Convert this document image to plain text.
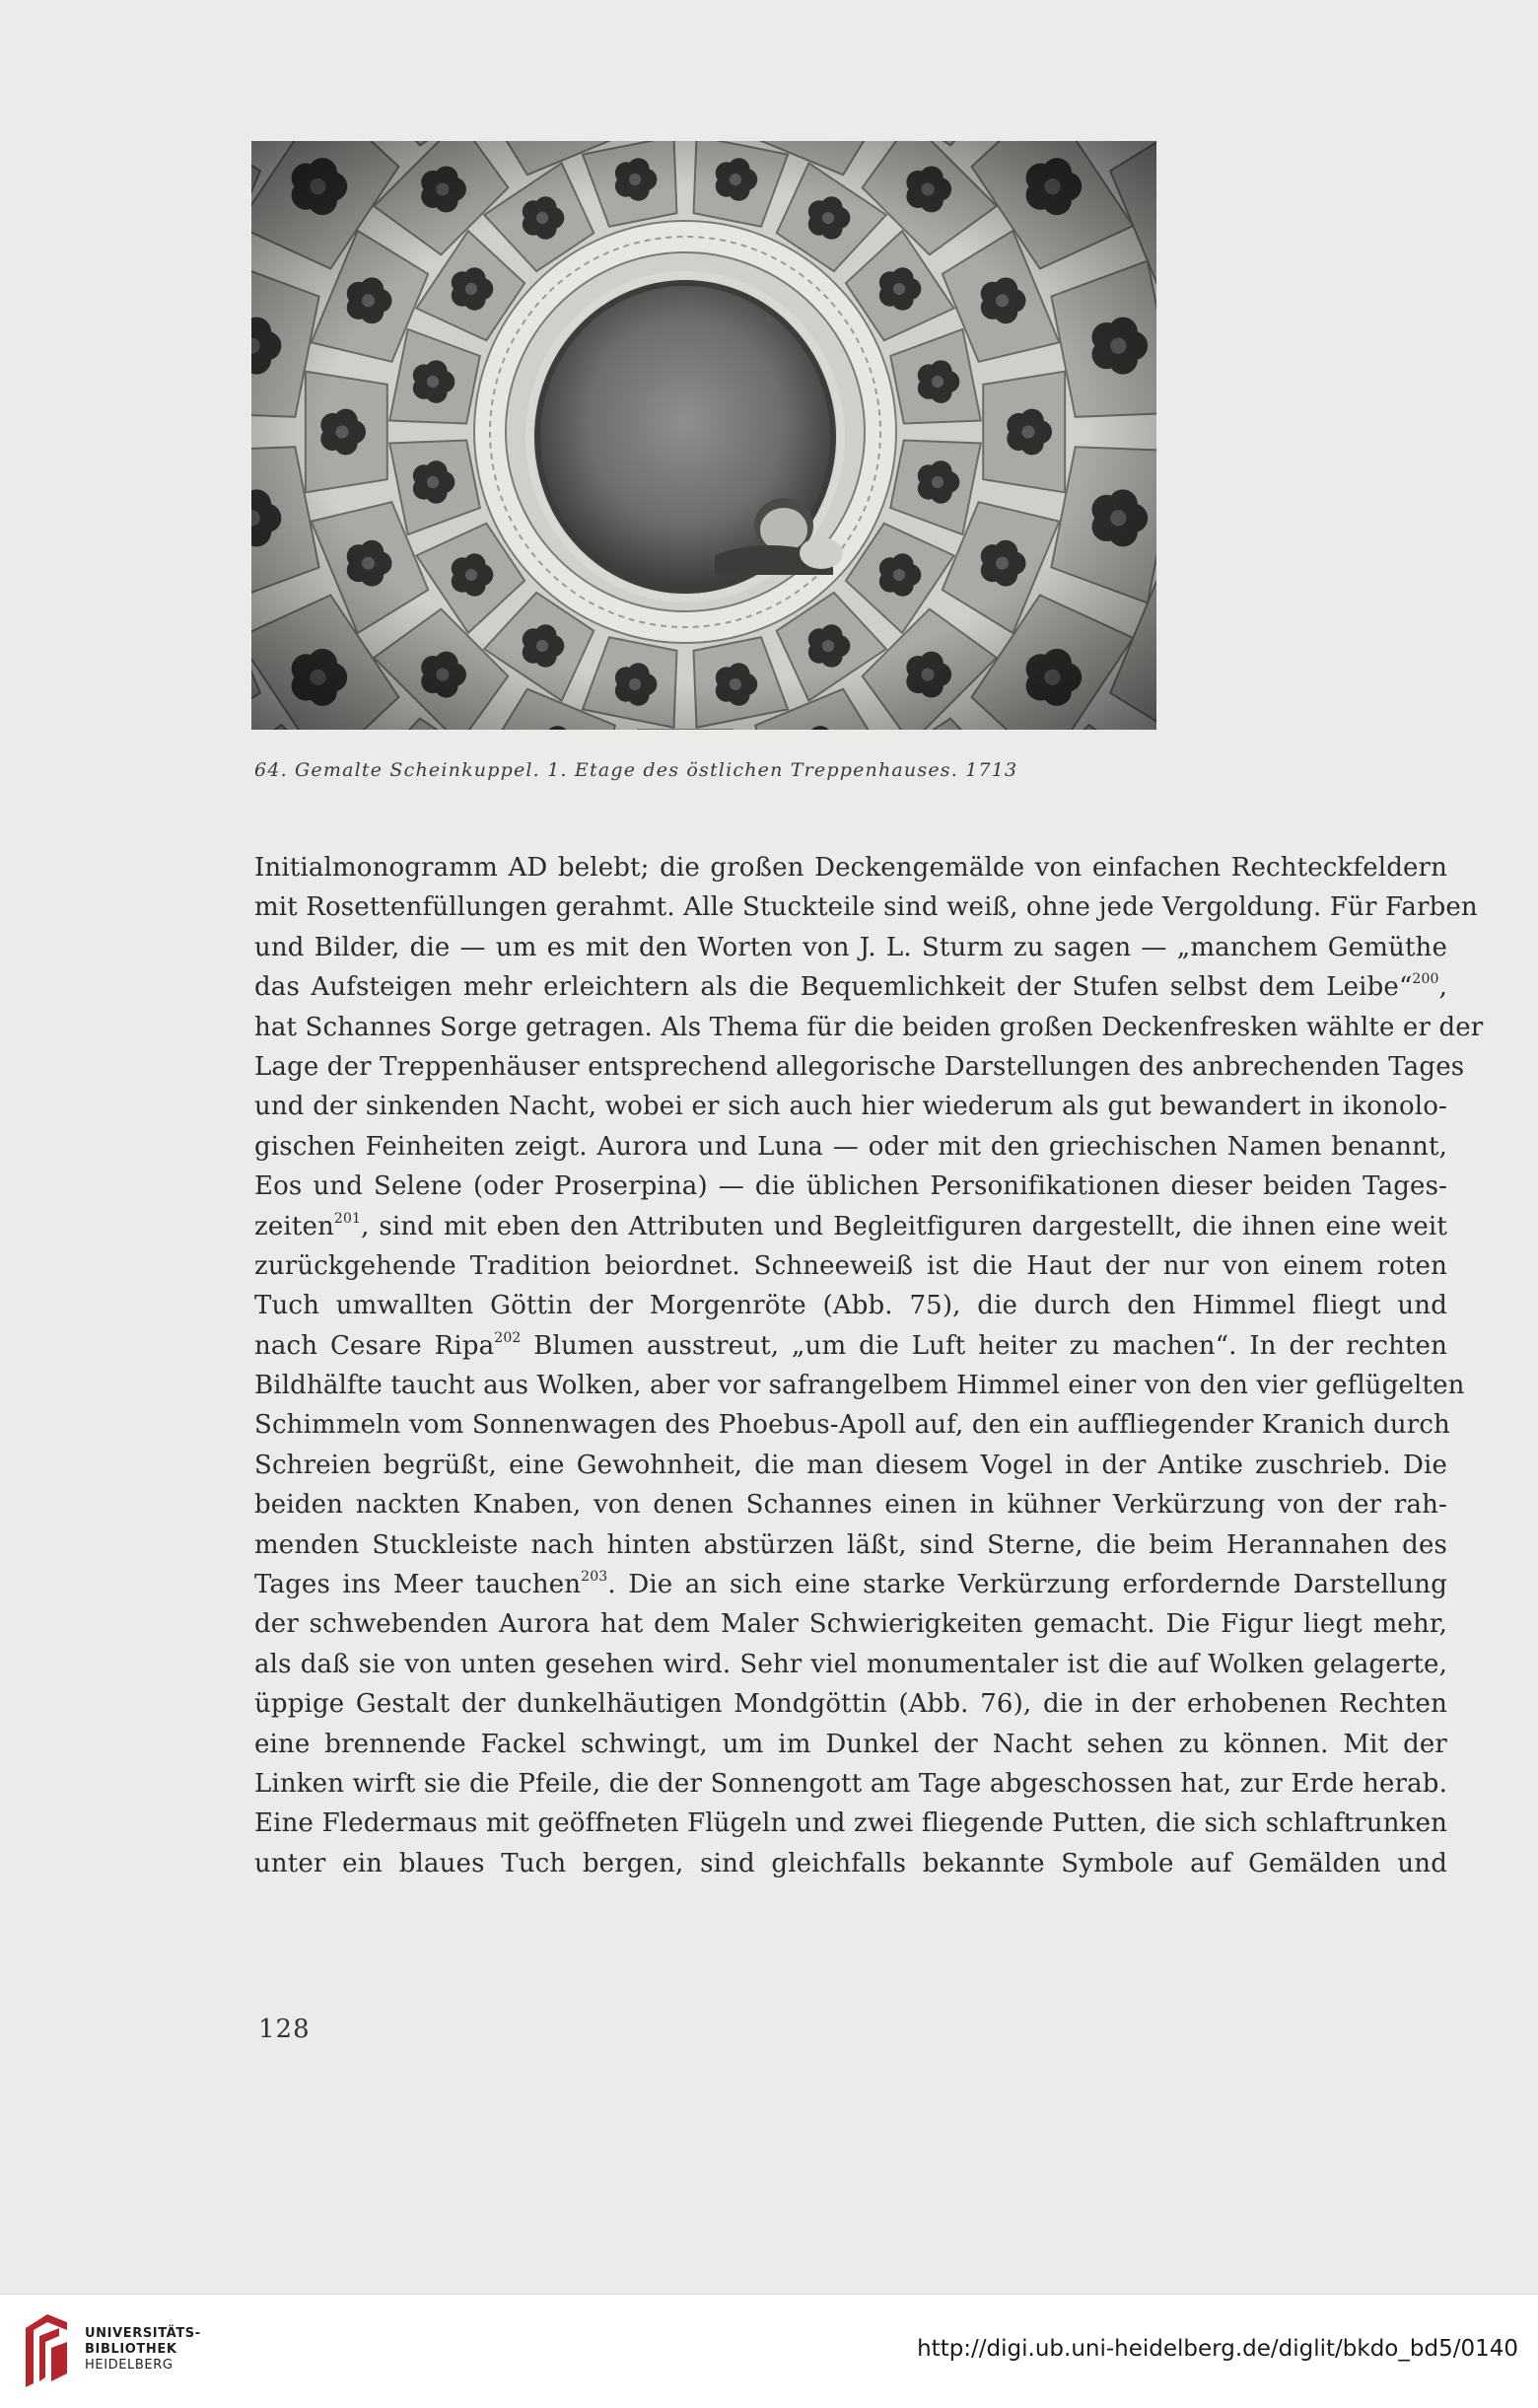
64. Gemalte Scheinkuppel. 1. Etage des östlichen Treppenhauses. 1713
Initialmonogramm AD belebt; die großen Deckengemälde von einfachen Rechteckfeldern
mit Rosettenfüllungen gerahmt. Alle Stuckteile sind weiß, ohne jede Vergoldung. Für Farben
und Bilder, die — um es mit den Worten von J. L. Sturm zu sagen — „manchem Gemüthe
das Aufsteigen mehr erleichtern als die Bequemlichkeit der Stufen selbst dem Leibe“$^{200}$,
hat Schannes Sorge getragen. Als Thema für die beiden großen Deckenfresken wählte er der
Lage der Treppenhäuser entsprechend allegorische Darstellungen des anbrechenden Tages
und der sinkenden Nacht, wobei er sich auch hier wiederum als gut bewandert in ikonolo-
gischen Feinheiten zeigt. Aurora und Luna — oder mit den griechischen Namen benannt,
Eos und Selene (oder Proserpina) — die üblichen Personifikationen dieser beiden Tages-
zeiten$^{201}$, sind mit eben den Attributen und Begleitfiguren dargestellt, die ihnen eine weit
zurückgehende Tradition beiordnet. Schneeweiß ist die Haut der nur von einem roten
Tuch umwallten Göttin der Morgenröte (Abb. 75), die durch den Himmel fliegt und
nach Cesare Ripa$^{202}$ Blumen ausstreut, „um die Luft heiter zu machen“. In der rechten
Bildhälfte taucht aus Wolken, aber vor safrangelbem Himmel einer von den vier geflügelten
Schimmeln vom Sonnenwagen des Phoebus-Apoll auf, den ein auffliegender Kranich durch
Schreien begrüßt, eine Gewohnheit, die man diesem Vogel in der Antike zuschrieb. Die
beiden nackten Knaben, von denen Schannes einen in kühner Verkürzung von der rah-
menden Stuckleiste nach hinten abstürzen läßt, sind Sterne, die beim Herannahen des
Tages ins Meer tauchen$^{203}$. Die an sich eine starke Verkürzung erfordernde Darstellung
der schwebenden Aurora hat dem Maler Schwierigkeiten gemacht. Die Figur liegt mehr,
als daß sie von unten gesehen wird. Sehr viel monumentaler ist die auf Wolken gelagerte,
üppige Gestalt der dunkelhäutigen Mondgöttin (Abb. 76), die in der erhobenen Rechten
eine brennende Fackel schwingt, um im Dunkel der Nacht sehen zu können. Mit der
Linken wirft sie die Pfeile, die der Sonnengott am Tage abgeschossen hat, zur Erde herab.
Eine Fledermaus mit geöffneten Flügeln und zwei fliegende Putten, die sich schlaftrunken
unter ein blaues Tuch bergen, sind gleichfalls bekannte Symbole auf Gemälden und
128
UNIVERSITÄTS-
BIBLIOTHEK
HEIDELBERG
http://digi.ub.uni-heidelberg.de/diglit/bkdo_bd5/0140
